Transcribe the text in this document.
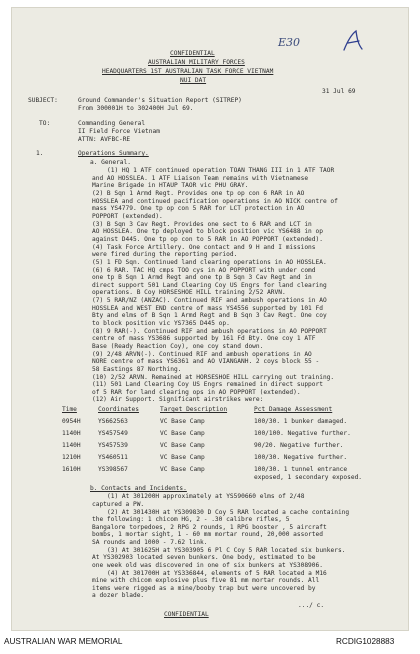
E30
CONFIDENTIAL
AUSTRALIAN MILITARY FORCES
HEADQUARTERS 1ST AUSTRALIAN TASK FORCE VIETNAM
NUI DAT
31 Jul 69
SUBJECT:	Ground Commander's Situation Report (SITREP)
From 300001H to 302400H Jul 69.
TO:	Commanding General
II Field Force Vietnam
ATTN: AVFBC-RE
1.	Operations Summary.
a. General.
(1) HQ 1 ATF continued operation TOAN THANG III in 1 ATF TAOR
and AO HOSSLEA. 1 ATF Liaison Team remains with Vietnamese
Marine Brigade in HTAUP TAOR vic PHU GRAY.
(2) B Sqn 1 Armd Regt. Provides one tp op con 6 RAR in AO
HOSSLEA and continued pacification operations in AO NICK centre of
mass YS4779. One tp op con 5 RAR for LCT protection in AO
POPPORT (extended).
(3) B Sqn 3 Cav Regt. Provides one sect to 6 RAR and LCT in
AO HOSSLEA. One tp deployed to block position vic YS6488 in op
against D445. One tp op con to 5 RAR in AO POPPORT (extended).
(4) Task Force Artillery. One contact and 9 H and I missions
were fired during the reporting period.
(5) 1 FD Sqn. Continued land clearing operations in AO HOSSLEA.
(6) 6 RAR. TAC HQ cmps TOO cys in AO POPPORT with under comd
one tp B Sqn 1 Armd Regt and one tp B Sqn 3 Cav Regt and in
direct support 501 Land Clearing Coy US Engrs for land clearing
operations. B Coy HORSESHOE HILL training 2/52 ARVN.
(7) 5 RAR/NZ (ANZAC). Continued RIF and ambush operations in AO
HOSSLEA and WEST END centre of mass YS4556 supported by 101 Fd
Bty and elms of B Sqn 1 Armd Regt and B Sqn 3 Cav Regt. One coy
to block position vic YS7365 D445 op.
(8) 9 RAR(-). Continued RIF and ambush operations in AO POPPORT
centre of mass YS3686 supported by 161 Fd Bty. One coy 1 ATF
Base (Ready Reaction Coy), one coy stand down.
(9) 2/48 ARVN(-). Continued RIF and ambush operations in AO
NORE centre of mass YS6361 and AO VIANGANH. 2 coys block 55 -
58 Eastings 87 Northing.
(10) 2/52 ARVN. Remained at HORSESHOE HILL carrying out training.
(11) 501 Land Clearing Coy US Engrs remained in direct support
of 5 RAR for land clearing ops in AO POPPORT (extended).
(12) Air Support. Significant airstrikes were:
Time	Coordinates	Target Description	Pct Damage Assessment
0954H	YS662563	VC Base Camp	100/30. 1 bunker damaged.
1140H	YS457549	VC Base Camp	100/100. Negative further.
1140H	YS457539	VC Base Camp	90/20. Negative further.
1210H	YS460511	VC Base Camp	100/30. Negative further.
1610H	YS398567	VC Base Camp	100/30. 1 tunnel entrance
exposed, 1 secondary exposed.
b. Contacts and Incidents.
(1) At 301200H approximately at YS590660 elms of 2/48
captured a PW.
(2) At 301430H at YS309830 D Coy 5 RAR located a cache containing
the following: 1 chicom HG, 2 - .30 calibre rifles, 5
Bangalore torpedoes, 2 RPG 2 rounds, 1 RPG booster , 5 aircraft
bombs, 1 mortar sight, 1 - 60 mm mortar round, 20,000 assorted
SA rounds and 1000 - 7.62 link.
(3) At 301625H at YS303905 6 Pl C Coy 5 RAR located six bunkers.
At YS302903 located seven bunkers. One body, estimated to be
one week old was discovered in one of six bunkers at YS308906.
(4) At 301700H at YS336844, elements of 5 RAR located a M16
mine with chicom explosive plus five 81 mm mortar rounds. All
items were rigged as a mine/booby trap but were uncovered by
a dozer blade.
.../ c.
CONFIDENTIAL
AUSTRALIAN WAR MEMORIAL	RCDIG1028883
